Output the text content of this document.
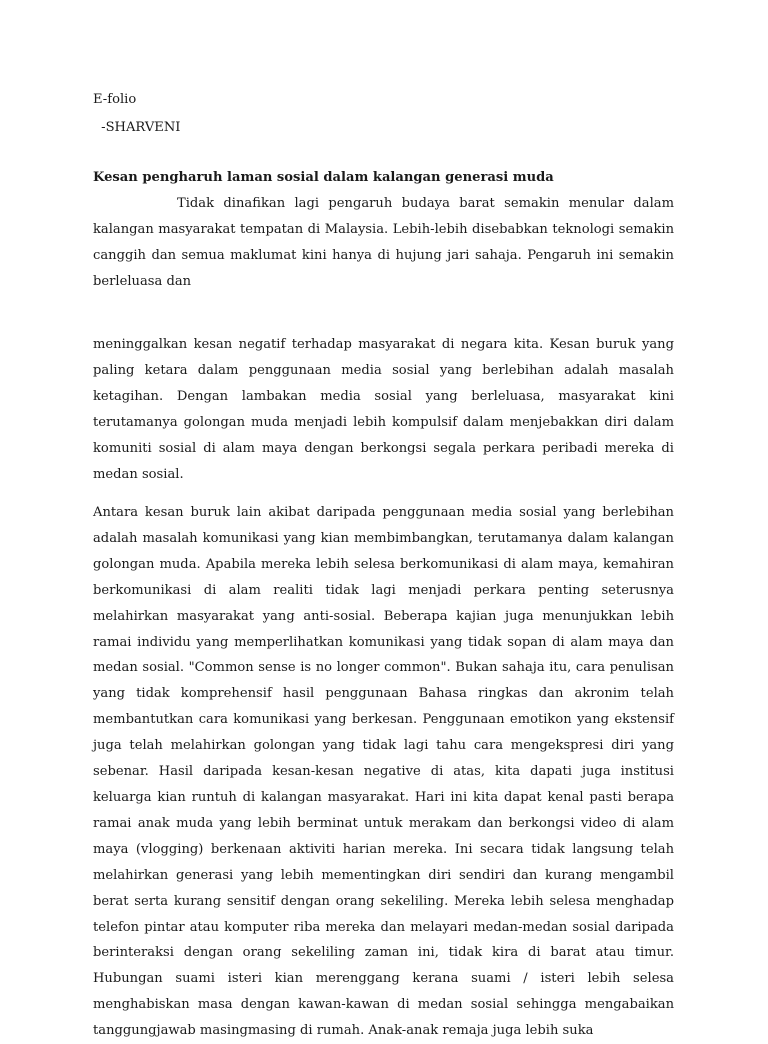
E-folio

-SHARVENI

Kesan pengharuh laman sosial dalam kalangan generasi muda

Tidak dinafikan lagi pengaruh budaya barat semakin menular dalam kalangan masyarakat tempatan di Malaysia. Lebih-lebih disebabkan teknologi semakin canggih dan semua maklumat kini hanya di hujung jari sahaja. Pengaruh ini semakin berleluasa dan

meninggalkan kesan negatif terhadap masyarakat di negara kita. Kesan buruk yang paling ketara dalam penggunaan media sosial yang berlebihan adalah masalah ketagihan. Dengan lambakan media sosial yang berleluasa, masyarakat kini terutamanya golongan muda menjadi lebih kompulsif dalam menjebakkan diri dalam komuniti sosial di alam maya dengan berkongsi segala perkara peribadi mereka di medan sosial.

Antara kesan buruk lain akibat daripada penggunaan media sosial yang berlebihan adalah masalah komunikasi yang kian membimbangkan, terutamanya dalam kalangan golongan muda. Apabila mereka lebih selesa berkomunikasi di alam maya, kemahiran berkomunikasi di alam realiti tidak lagi menjadi perkara penting seterusnya melahirkan masyarakat yang anti-sosial. Beberapa kajian juga menunjukkan lebih ramai individu yang memperlihatkan komunikasi yang tidak sopan di alam maya dan medan sosial. "Common sense is no longer common". Bukan sahaja itu, cara penulisan yang tidak komprehensif hasil penggunaan Bahasa ringkas dan akronim telah membantutkan cara komunikasi yang berkesan. Penggunaan emotikon yang ekstensif juga telah melahirkan golongan yang tidak lagi tahu cara mengekspresi diri yang sebenar. Hasil daripada kesan-kesan negative di atas, kita dapati juga institusi keluarga kian runtuh di kalangan masyarakat. Hari ini kita dapat kenal pasti berapa ramai anak muda yang lebih berminat untuk merakam dan berkongsi video di alam maya (vlogging) berkenaan aktiviti harian mereka. Ini secara tidak langsung telah melahirkan generasi yang lebih mementingkan diri sendiri dan kurang mengambil berat serta kurang sensitif dengan orang sekeliling. Mereka lebih selesa menghadap telefon pintar atau komputer riba mereka dan melayari medan-medan sosial daripada berinteraksi dengan orang sekeliling zaman ini, tidak kira di barat atau timur. Hubungan suami isteri kian merenggang kerana suami / isteri lebih selesa menghabiskan masa dengan kawan-kawan di medan sosial sehingga mengabaikan tanggungjawab masingmasing di rumah. Anak-anak remaja juga lebih suka
